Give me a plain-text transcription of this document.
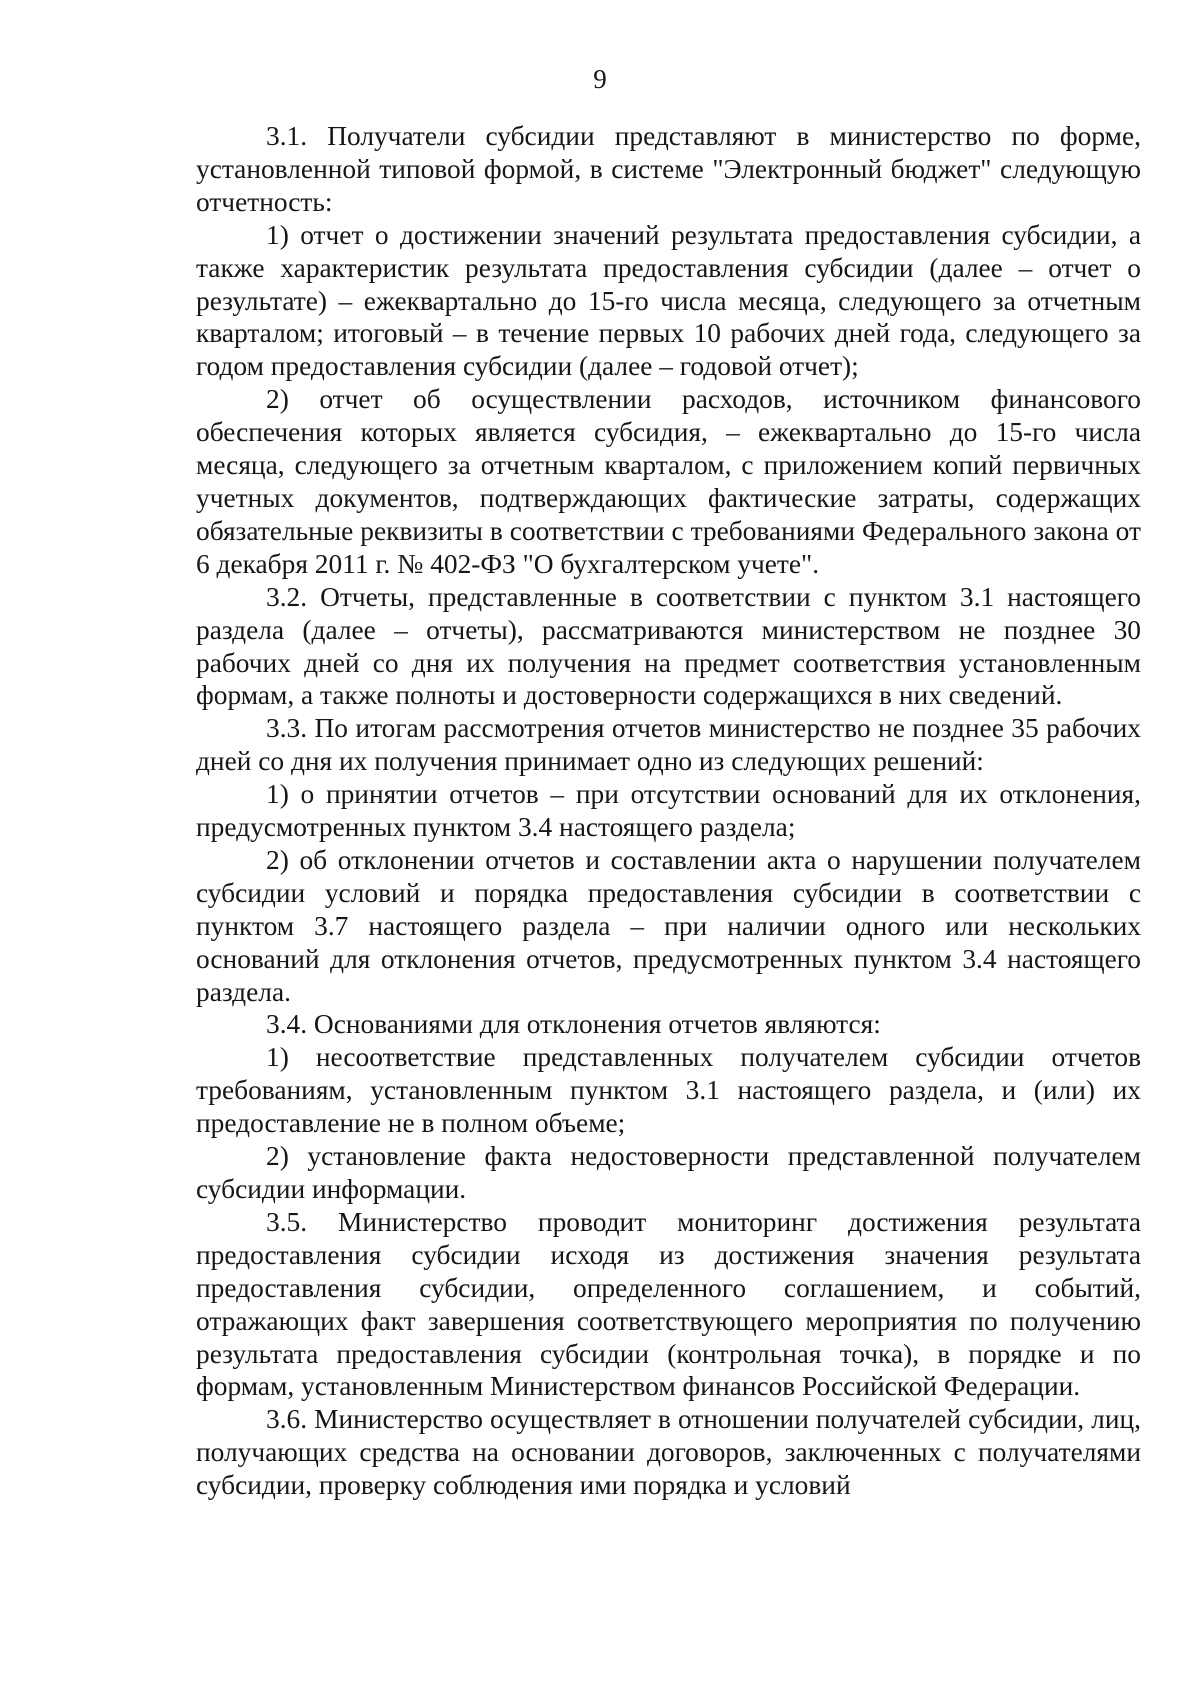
9

3.1. Получатели субсидии представляют в министерство по форме, установленной типовой формой, в системе "Электронный бюджет" следующую отчетность:

1) отчет о достижении значений результата предоставления субсидии, а также характеристик результата предоставления субсидии (далее – отчет о результате) – ежеквартально до 15-го числа месяца, следующего за отчетным кварталом; итоговый – в течение первых 10 рабочих дней года, следующего за годом предоставления субсидии (далее – годовой отчет);

2) отчет об осуществлении расходов, источником финансового обеспечения которых является субсидия, – ежеквартально до 15-го числа месяца, следующего за отчетным кварталом, с приложением копий первичных учетных документов, подтверждающих фактические затраты, содержащих обязательные реквизиты в соответствии с требованиями Федерального закона от 6 декабря 2011 г. № 402-ФЗ "О бухгалтерском учете".

3.2. Отчеты, представленные в соответствии с пунктом 3.1 настоящего раздела (далее – отчеты), рассматриваются министерством не позднее 30 рабочих дней со дня их получения на предмет соответствия установленным формам, а также полноты и достоверности содержащихся в них сведений.

3.3. По итогам рассмотрения отчетов министерство не позднее 35 рабочих дней со дня их получения принимает одно из следующих решений:

1) о принятии отчетов – при отсутствии оснований для их отклонения, предусмотренных пунктом 3.4 настоящего раздела;

2) об отклонении отчетов и составлении акта о нарушении получателем субсидии условий и порядка предоставления субсидии в соответствии с пунктом 3.7 настоящего раздела – при наличии одного или нескольких оснований для отклонения отчетов, предусмотренных пунктом 3.4 настоящего раздела.

3.4. Основаниями для отклонения отчетов являются:

1) несоответствие представленных получателем субсидии отчетов требованиям, установленным пунктом 3.1 настоящего раздела, и (или) их предоставление не в полном объеме;

2) установление факта недостоверности представленной получателем субсидии информации.

3.5. Министерство проводит мониторинг достижения результата предоставления субсидии исходя из достижения значения результата предоставления субсидии, определенного соглашением, и событий, отражающих факт завершения соответствующего мероприятия по получению результата предоставления субсидии (контрольная точка), в порядке и по формам, установленным Министерством финансов Российской Федерации.

3.6. Министерство осуществляет в отношении получателей субсидии, лиц, получающих средства на основании договоров, заключенных с получателями субсидии, проверку соблюдения ими порядка и условий
